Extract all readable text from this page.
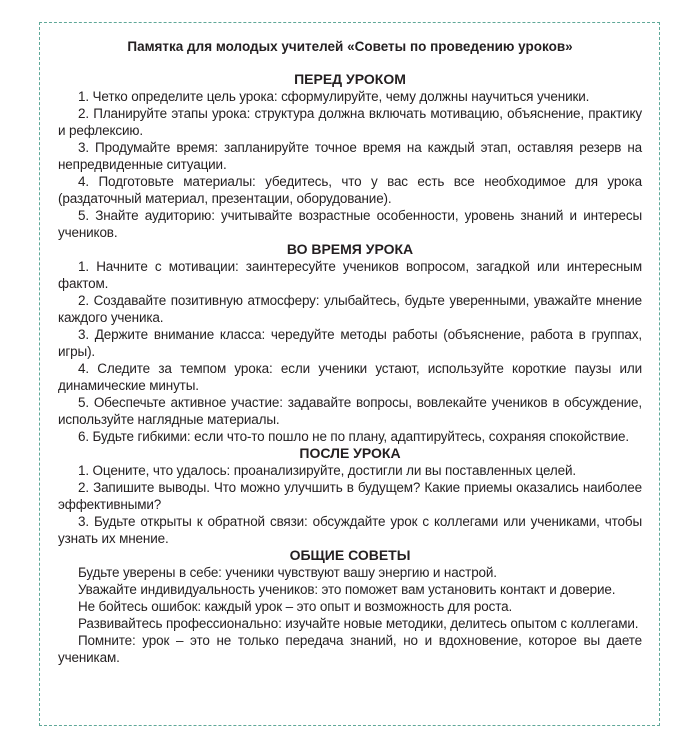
Памятка для молодых учителей «Советы по проведению уроков»
ПЕРЕД УРОКОМ

1. Четко определите цель урока: сформулируйте, чему должны научиться ученики.

2. Планируйте этапы урока: структура должна включать мотивацию, объяснение, практику и рефлексию.

3. Продумайте время: запланируйте точное время на каждый этап, оставляя резерв на непредвиденные ситуации.

4. Подготовьте материалы: убедитесь, что у вас есть все необходимое для урока (раздаточный материал, презентации, оборудование).

5. Знайте аудиторию: учитывайте возрастные особенности, уровень знаний и интересы учеников.

ВО ВРЕМЯ УРОКА

1. Начните с мотивации: заинтересуйте учеников вопросом, загадкой или интересным фактом.

2. Создавайте позитивную атмосферу: улыбайтесь, будьте уверенными, уважайте мнение каждого ученика.

3. Держите внимание класса: чередуйте методы работы (объяснение, работа в группах, игры).

4. Следите за темпом урока: если ученики устают, используйте короткие паузы или динамические минуты.

5. Обеспечьте активное участие: задавайте вопросы, вовлекайте учеников в обсуждение, используйте наглядные материалы.

6. Будьте гибкими: если что-то пошло не по плану, адаптируйтесь, сохраняя спокойствие.

ПОСЛЕ УРОКА

1. Оцените, что удалось: проанализируйте, достигли ли вы поставленных целей.

2. Запишите выводы. Что можно улучшить в будущем? Какие приемы оказались наиболее эффективными?

3. Будьте открыты к обратной связи: обсуждайте урок с коллегами или учениками, чтобы узнать их мнение.

ОБЩИЕ СОВЕТЫ

Будьте уверены в себе: ученики чувствуют вашу энергию и настрой.

Уважайте индивидуальность учеников: это поможет вам установить контакт и доверие.

Не бойтесь ошибок: каждый урок – это опыт и возможность для роста.

Развивайтесь профессионально: изучайте новые методики, делитесь опытом с коллегами.

Помните: урок – это не только передача знаний, но и вдохновение, которое вы даете ученикам.
